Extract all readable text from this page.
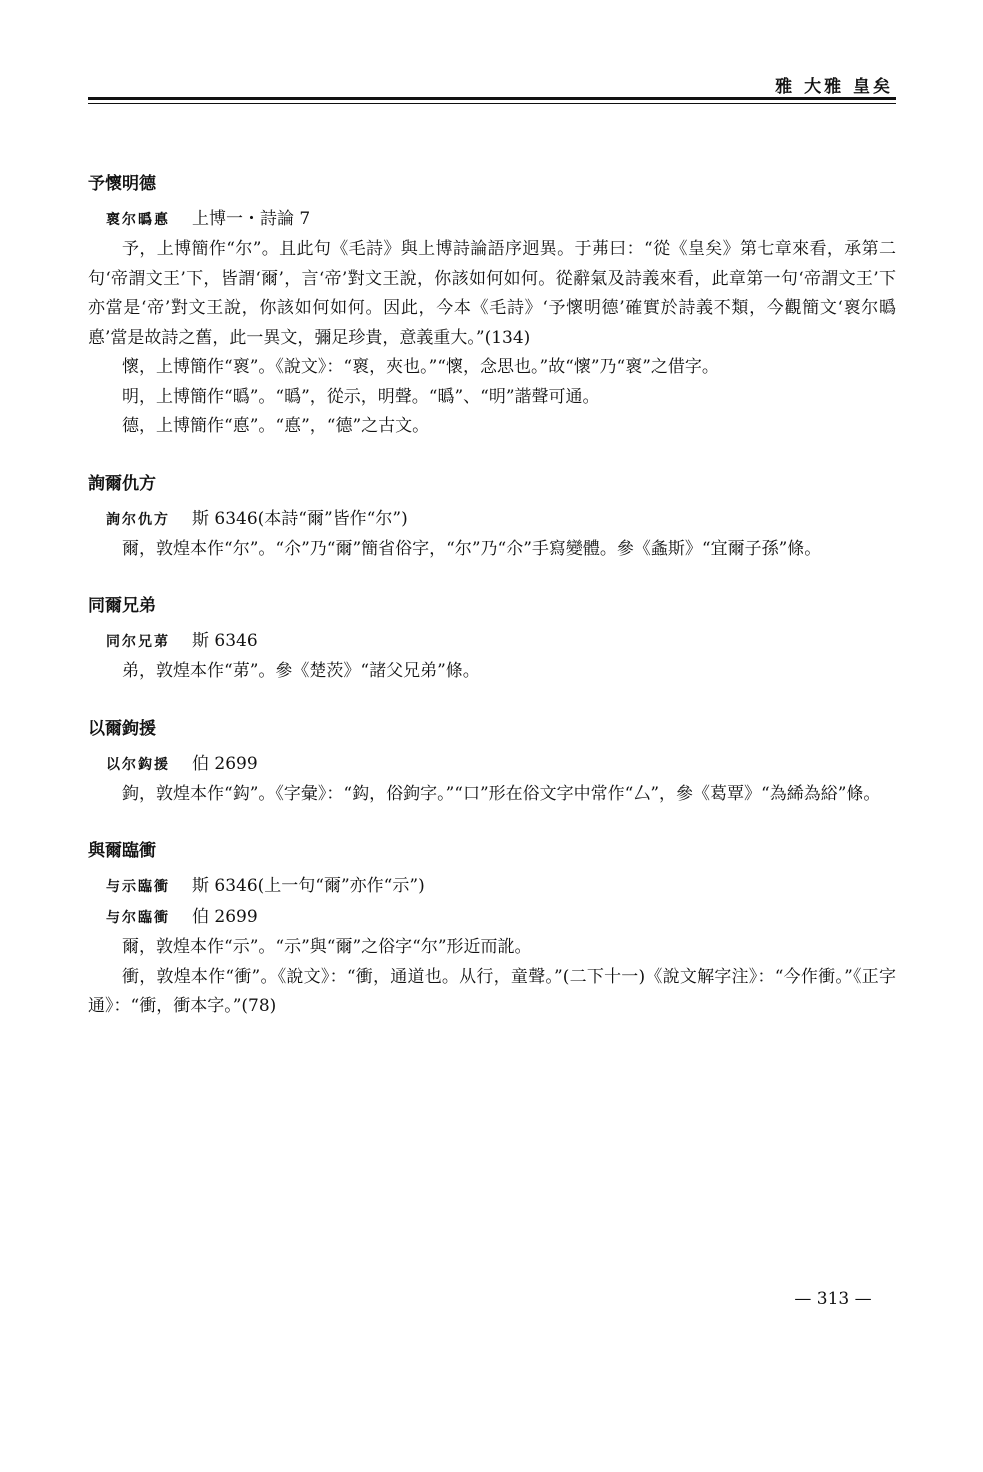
雅 大雅 皇矣
予懷明德
褱尔㬙悳 上博一・詩論 7

予，上博簡作“尔”。且此句《毛詩》與上博詩論語序迥異。于茀曰：“從《皇矣》第七章來看，承第二句‘帝謂文王’下，皆謂‘爾’，言‘帝’對文王說，你該如何如何。從辭氣及詩義來看，此章第一句‘帝謂文王’下亦當是‘帝’對文王說，你該如何如何。因此，今本《毛詩》‘予懷明德’確實於詩義不類，今觀簡文‘褱尔㬙悳’當是故詩之舊，此一異文，彌足珍貴，意義重大。”(134)

懷，上博簡作“褱”。《說文》：“褱，夾也。”“懷，念思也。”故“懷”乃“褱”之借字。

明，上博簡作“㬙”。“㬙”，從示，明聲。“㬙”、“明”諧聲可通。

德，上博簡作“悳”。“悳”，“德”之古文。

詢爾仇方
詢尔仇方 斯 6346(本詩“爾”皆作“尔”)

爾，敦煌本作“尔”。“尒”乃“爾”簡省俗字，“尔”乃“尒”手寫變體。參《螽斯》“宜爾子孫”條。

同爾兄弟
同尔兄苐 斯 6346

弟，敦煌本作“苐”。參《楚茨》“諸父兄弟”條。

以爾鉤援
以尔鈎援 伯 2699

鉤，敦煌本作“鈎”。《字彙》：“鈎，俗鉤字。”“口”形在俗文字中常作“厶”，參《葛覃》“為絺為綌”條。

與爾臨衝
与示臨衝 斯 6346(上一句“爾”亦作“示”)
与尔臨衝 伯 2699

爾，敦煌本作“示”。“示”與“爾”之俗字“尔”形近而訛。

衝，敦煌本作“衝”。《說文》：“衝，通道也。从行，童聲。”(二下十一)《說文解字注》：“今作衝。”《正字通》：“衝，衝本字。”(78)

— 313 —
